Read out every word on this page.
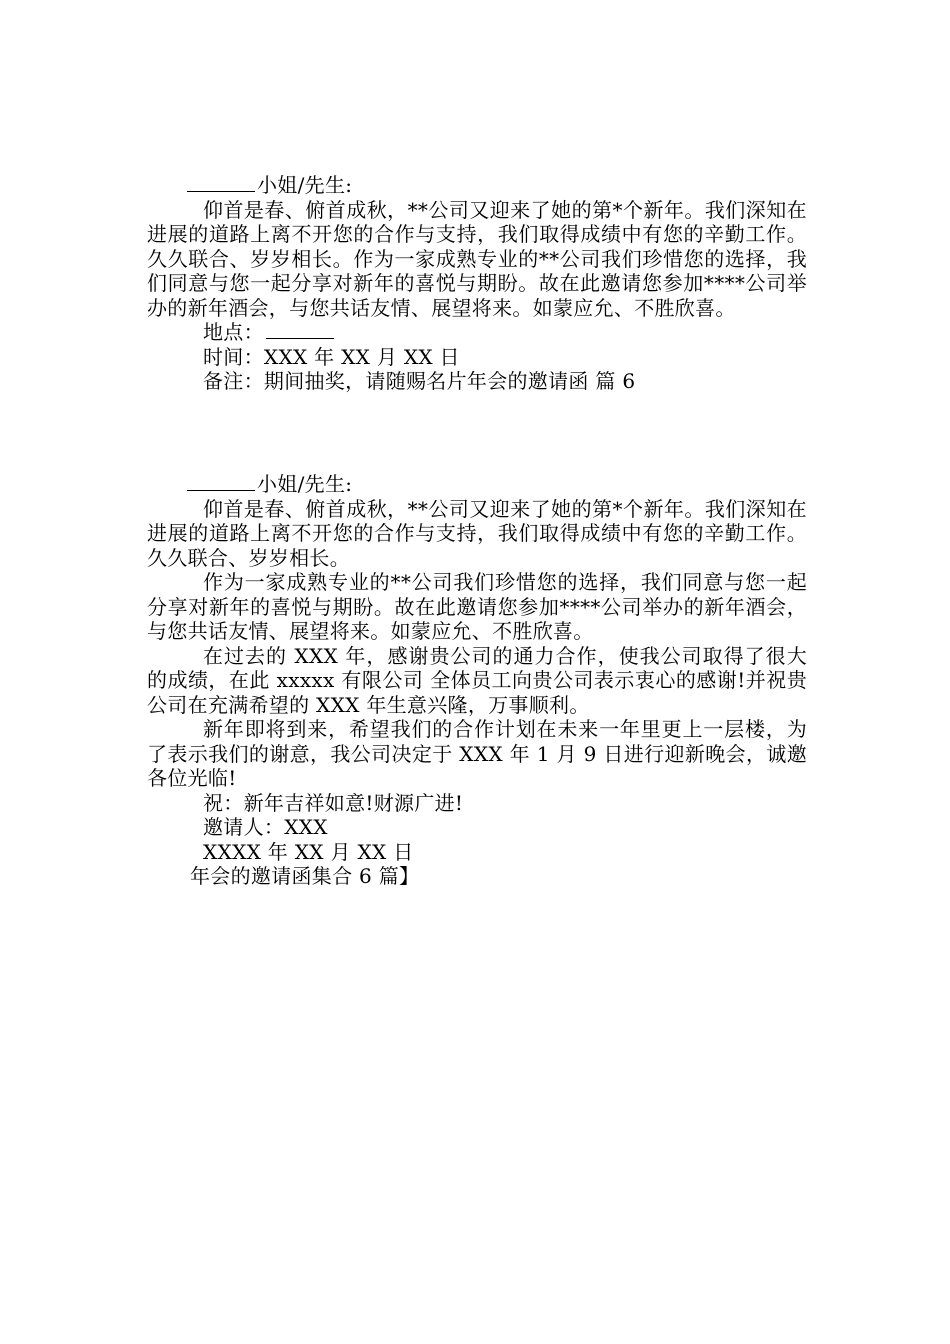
小姐/先生:
仰首是春、俯首成秋，**公司又迎来了她的第*个新年。我们深知在进展的道路上离不开您的合作与支持，我们取得成绩中有您的辛勤工作。久久联合、岁岁相长。作为一家成熟专业的**公司我们珍惜您的选择，我们同意与您一起分享对新年的喜悦与期盼。故在此邀请您参加****公司举办的新年酒会，与您共话友情、展望将来。如蒙应允、不胜欣喜。
地点：
时间：XXX 年 XX 月 XX 日
备注：期间抽奖，请随赐名片年会的邀请函 篇 6
小姐/先生:
仰首是春、俯首成秋，**公司又迎来了她的第*个新年。我们深知在进展的道路上离不开您的合作与支持，我们取得成绩中有您的辛勤工作。久久联合、岁岁相长。
作为一家成熟专业的**公司我们珍惜您的选择，我们同意与您一起分享对新年的喜悦与期盼。故在此邀请您参加****公司举办的新年酒会，与您共话友情、展望将来。如蒙应允、不胜欣喜。
在过去的 XXX 年，感谢贵公司的通力合作，使我公司取得了很大的成绩，在此 xxxxx 有限公司 全体员工向贵公司表示衷心的感谢!并祝贵公司在充满希望的 XXX 年生意兴隆，万事顺利。
新年即将到来，希望我们的合作计划在未来一年里更上一层楼，为了表示我们的谢意，我公司决定于 XXX 年 1 月 9 日进行迎新晚会，诚邀各位光临!
祝：新年吉祥如意!财源广进!
邀请人：XXX
XXXX 年 XX 月 XX 日
年会的邀请函集合 6 篇】
